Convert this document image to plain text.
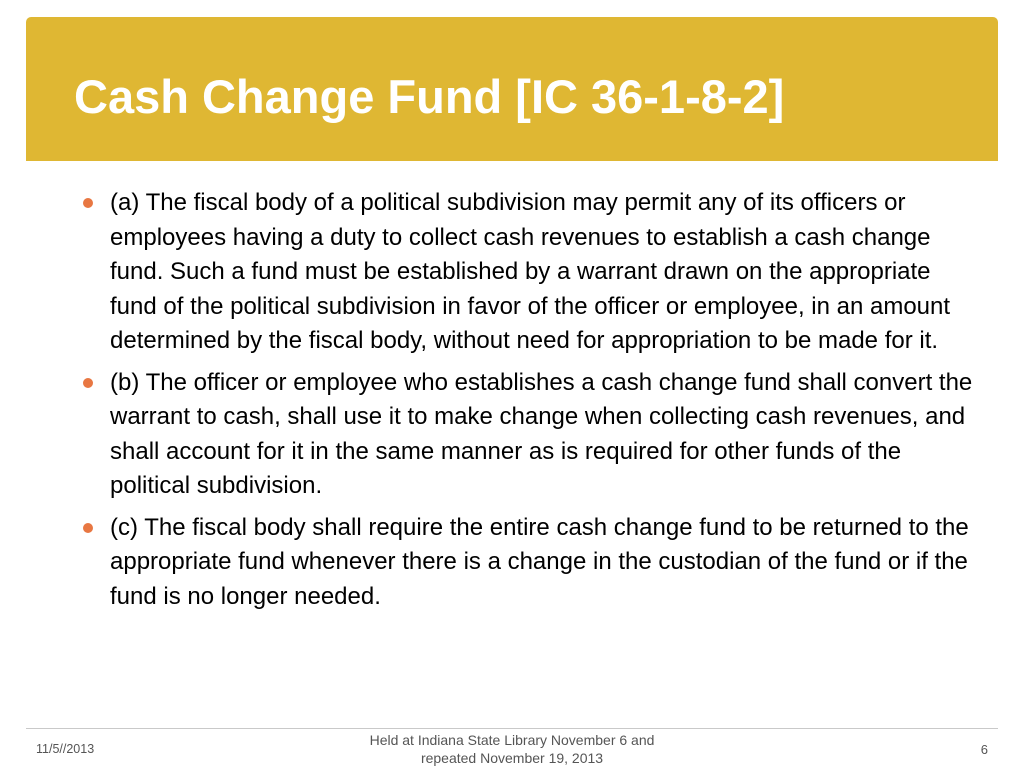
Cash Change Fund [IC 36-1-8-2]
(a) The fiscal body of a political subdivision may permit any of its officers or employees having a duty to collect cash revenues to establish a cash change fund. Such a fund must be established by a warrant drawn on the appropriate fund of the political subdivision in favor of the officer or employee, in an amount determined by the fiscal body, without need for appropriation to be made for it.
(b) The officer or employee who establishes a cash change fund shall convert the warrant to cash, shall use it to make change when collecting cash revenues, and shall account for it in the same manner as is required for other funds of the political subdivision.
(c) The fiscal body shall require the entire cash change fund to be returned to the appropriate fund whenever there is a change in the custodian of the fund or if the fund is no longer needed.
11/5//2013
Held at Indiana State Library November 6 and
repeated November 19, 2013
6
